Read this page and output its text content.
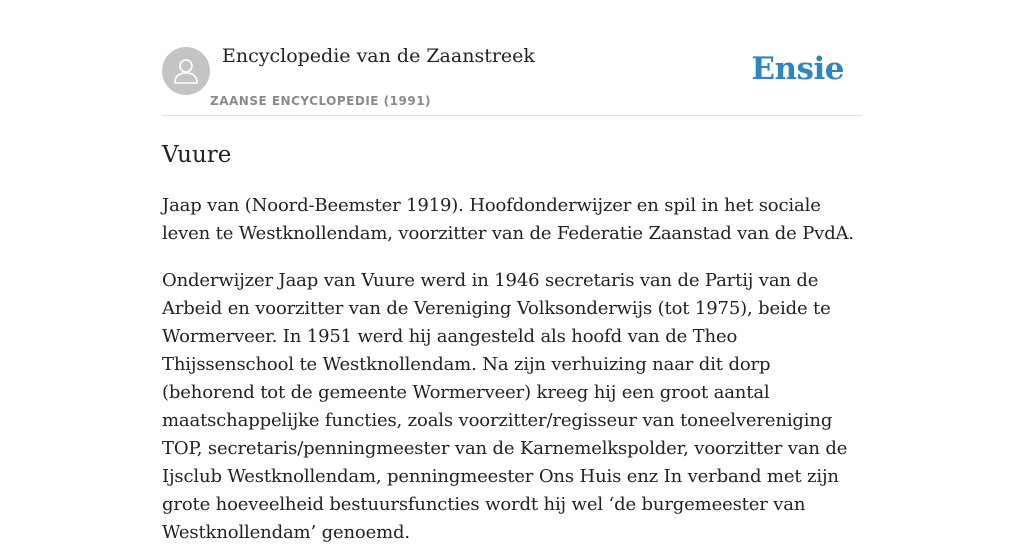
Encyclopedie van de Zaanstreek
ZAANSE ENCYCLOPEDIE (1991)
Ensie
Vuure

Jaap van (Noord-Beemster 1919). Hoofdonderwijzer en spil in het sociale leven te Westknollendam, voorzitter van de Federatie Zaanstad van de PvdA.

Onderwijzer Jaap van Vuure werd in 1946 secretaris van de Partij van de Arbeid en voorzitter van de Vereniging Volksonderwijs (tot 1975), beide te Wormerveer. In 1951 werd hij aangesteld als hoofd van de Theo Thijssenschool te Westknollendam. Na zijn verhuizing naar dit dorp (behorend tot de gemeente Wormerveer) kreeg hij een groot aantal maatschappelijke functies, zoals voorzitter/regisseur van toneelvereniging TOP, secretaris/penningmeester van de Karnemelkspolder, voorzitter van de Ijsclub Westknollendam, penningmeester Ons Huis enz In verband met zijn grote hoeveelheid bestuursfuncties wordt hij wel ‘de burgemeester van Westknollendam’ genoemd.
